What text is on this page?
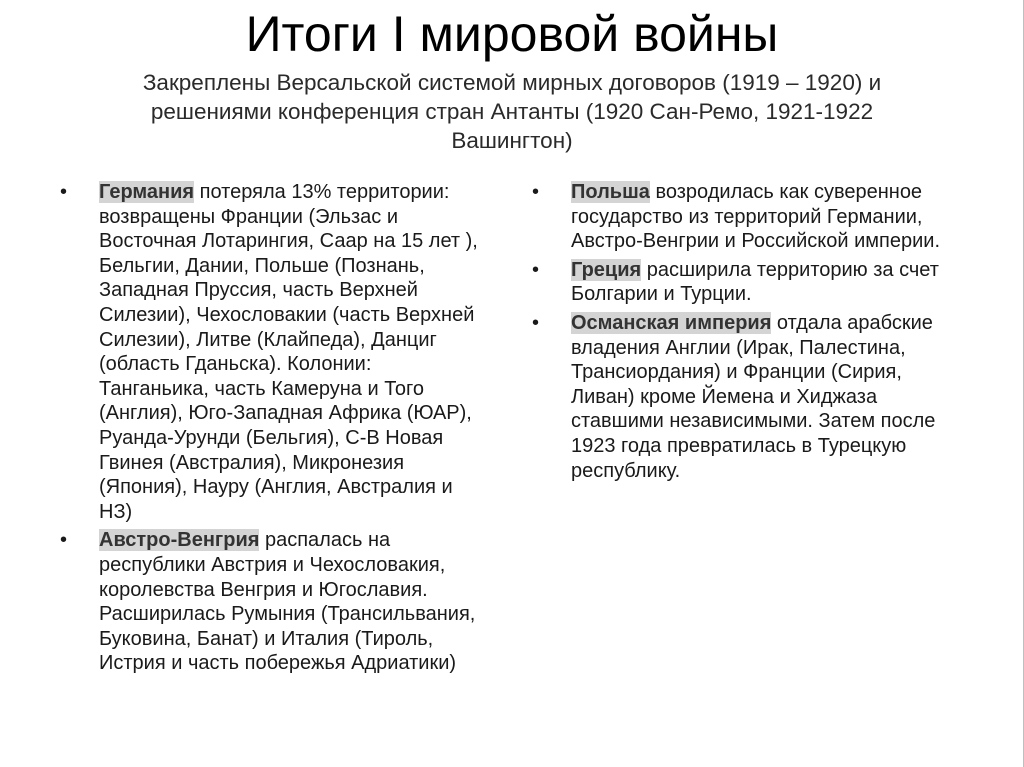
Итоги I мировой войны

Закреплены Версальской системой мирных договоров (1919 – 1920) и решениями конференция стран Антанты (1920 Сан-Ремо, 1921-1922 Вашингтон)

• Германия потеряла 13% территории: возвращены Франции (Эльзас и Восточная Лотарингия, Саар на 15 лет ), Бельгии, Дании, Польше (Познань, Западная Пруссия, часть Верхней Силезии), Чехословакии (часть Верхней Силезии), Литве (Клайпеда), Данциг (область Гданьска). Колонии: Танганьика, часть Камеруна и Того (Англия), Юго-Западная Африка (ЮАР), Руанда-Урунди (Бельгия), С-В Новая Гвинея (Австралия), Микронезия (Япония), Науру (Англия, Австралия и НЗ)
• Австро-Венгрия распалась на республики Австрия и Чехословакия, королевства Венгрия и Югославия. Расширилась Румыния (Трансильвания, Буковина, Банат) и Италия (Тироль, Истрия и часть побережья Адриатики)
• Польша возродилась как суверенное государство из территорий Германии, Австро-Венгрии и Российской империи.
• Греция расширила территорию за счет Болгарии и Турции.
• Османская империя отдала арабские владения Англии (Ирак, Палестина, Трансиордания) и Франции (Сирия, Ливан) кроме Йемена и Хиджаза ставшими независимыми. Затем после 1923 года превратилась в Турецкую республику.
